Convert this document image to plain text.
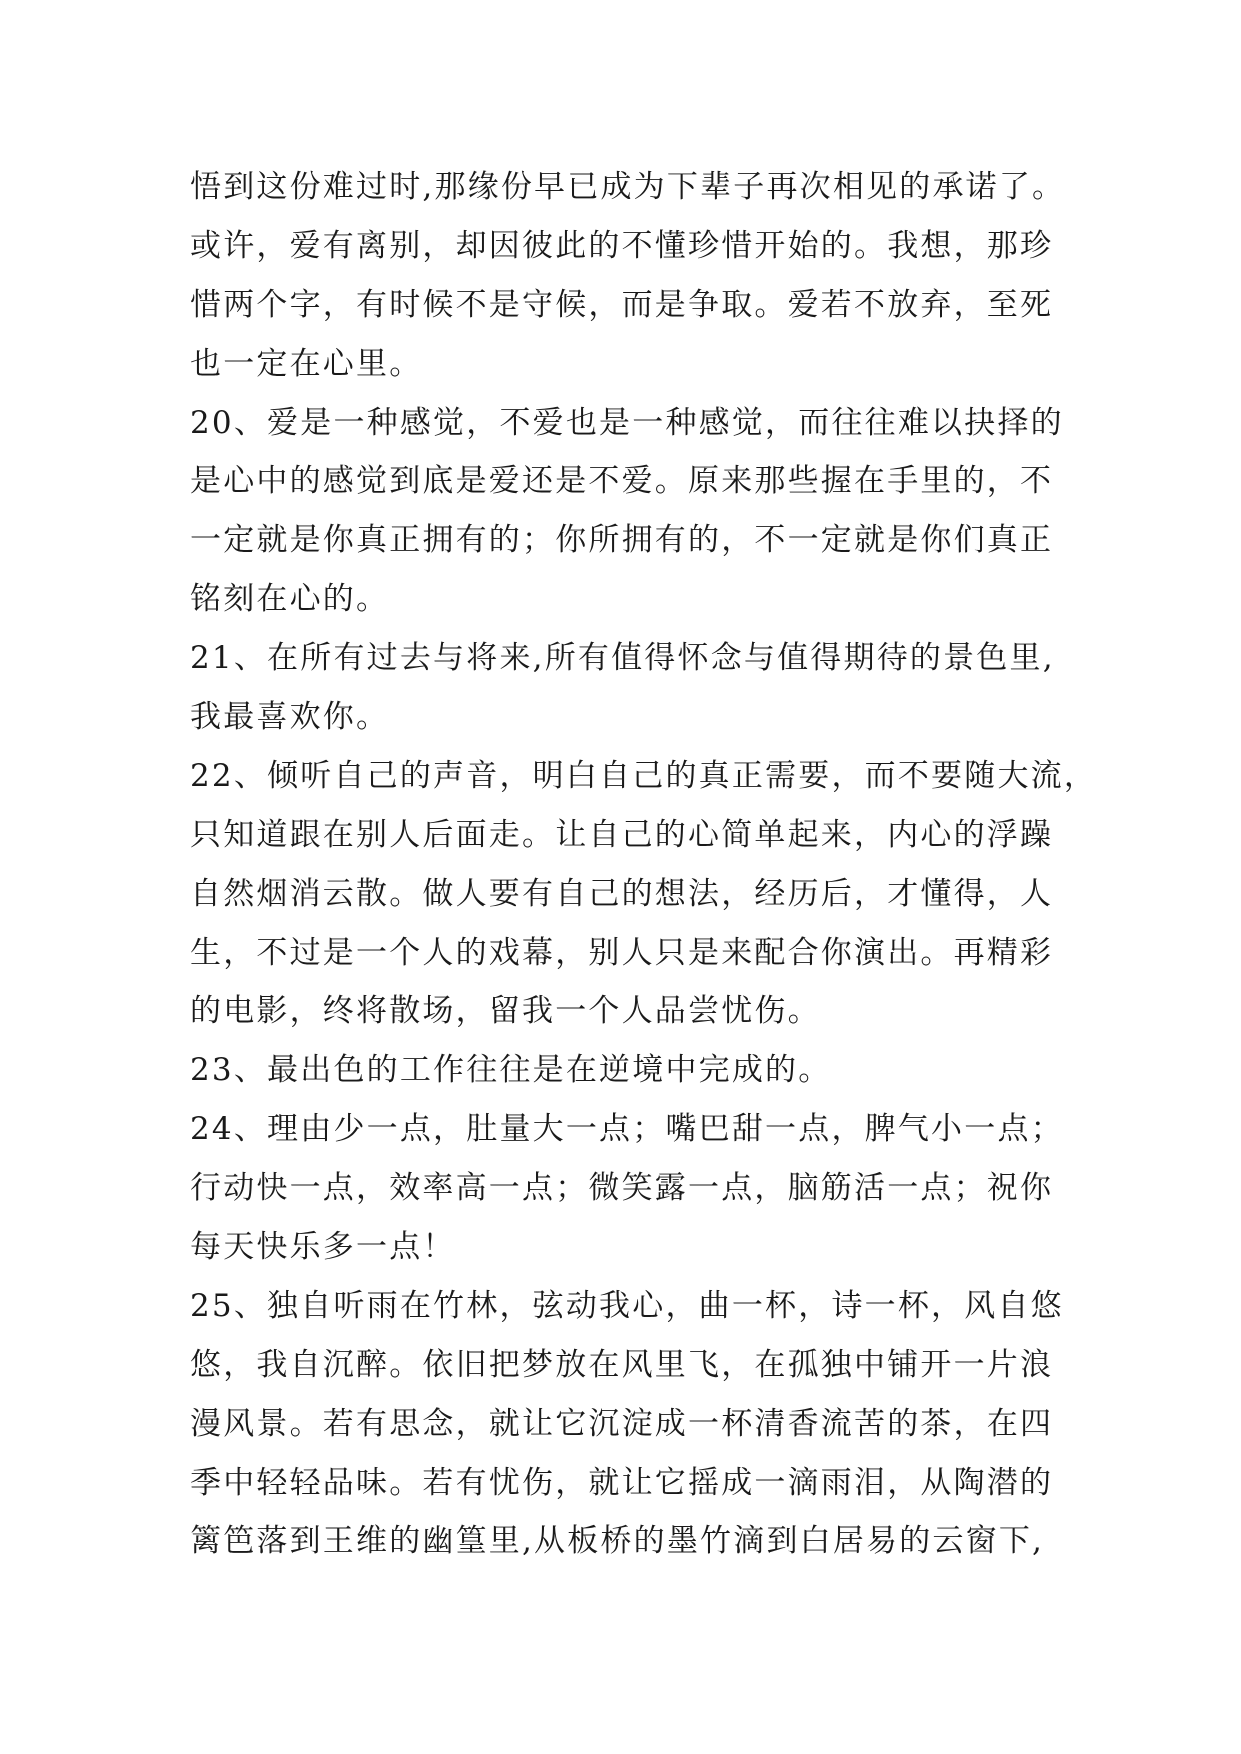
悟到这份难过时,那缘份早已成为下辈子再次相见的承诺了。
或许，爱有离别，却因彼此的不懂珍惜开始的。我想，那珍
惜两个字，有时候不是守候，而是争取。爱若不放弃，至死
也一定在心里。
20、爱是一种感觉，不爱也是一种感觉，而往往难以抉择的
是心中的感觉到底是爱还是不爱。原来那些握在手里的，不
一定就是你真正拥有的；你所拥有的，不一定就是你们真正
铭刻在心的。
21、在所有过去与将来,所有值得怀念与值得期待的景色里,
我最喜欢你。
22、倾听自己的声音，明白自己的真正需要，而不要随大流，
只知道跟在别人后面走。让自己的心简单起来，内心的浮躁
自然烟消云散。做人要有自己的想法，经历后，才懂得，人
生，不过是一个人的戏幕，别人只是来配合你演出。再精彩
的电影，终将散场，留我一个人品尝忧伤。
23、最出色的工作往往是在逆境中完成的。
24、理由少一点，肚量大一点；嘴巴甜一点，脾气小一点；
行动快一点，效率高一点；微笑露一点，脑筋活一点；祝你
每天快乐多一点！
25、独自听雨在竹林，弦动我心，曲一杯，诗一杯，风自悠
悠，我自沉醉。依旧把梦放在风里飞，在孤独中铺开一片浪
漫风景。若有思念，就让它沉淀成一杯清香流苦的茶，在四
季中轻轻品味。若有忧伤，就让它摇成一滴雨泪，从陶潜的
篱笆落到王维的幽篁里,从板桥的墨竹滴到白居易的云窗下,
